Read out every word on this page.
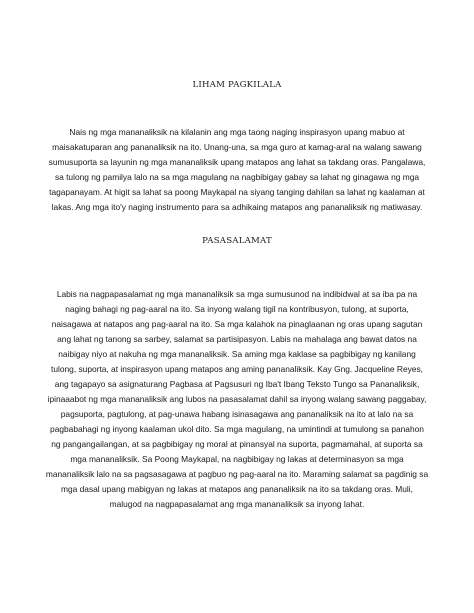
LIHAM PAGKILALA

Nais ng mga mananaliksik na kilalanin ang mga taong naging inspirasyon upang mabuo at
maisakatuparan ang pananaliksik na ito. Unang-una, sa mga guro at kamag-aral na walang sawang
sumusuporta sa layunin ng mga mananaliksik upang matapos ang lahat sa takdang oras. Pangalawa,
sa tulong ng pamilya lalo na sa mga magulang na nagbibigay gabay sa lahat ng ginagawa ng mga
tagapanayam. At higit sa lahat sa poong Maykapal na siyang tanging dahilan sa lahat ng kaalaman at
lakas. Ang mga ito'y naging instrumento para sa adhikaing matapos ang pananaliksik ng matiwasay.

PASASALAMAT

Labis na nagpapasalamat ng mga mananaliksik sa mga sumusunod na indibidwal at sa iba pa na
naging bahagi ng pag-aaral na ito. Sa inyong walang tigil na kontribusyon, tulong, at suporta,
naisagawa at natapos ang pag-aaral na ito. Sa mga kalahok na pinaglaanan ng oras upang sagutan
ang lahat ng tanong sa sarbey, salamat sa partisipasyon. Labis na mahalaga ang bawat datos na
naibigay niyo at nakuha ng mga mananaliksik. Sa aming mga kaklase sa pagbibigay ng kanilang
tulong, suporta, at inspirasyon upang matapos ang aming pananaliksik. Kay Gng. Jacqueline Reyes,
ang tagapayo sa asignaturang Pagbasa at Pagsusuri ng Iba't Ibang Teksto Tungo sa Pananaliksik,
ipinaaabot ng mga mananaliksik ang lubos na pasasalamat dahil sa inyong walang sawang paggabay,
pagsuporta, pagtulong, at pag-unawa habang isinasagawa ang pananaliksik na ito at lalo na sa
pagbabahagi ng inyong kaalaman ukol dito. Sa mga magulang, na umintindi at tumulong sa panahon
ng pangangailangan, at sa pagbibigay ng moral at pinansyal na suporta, pagmamahal, at suporta sa
mga mananaliksik. Sa Poong Maykapal, na nagbibigay ng lakas at determinasyon sa mga
mananaliksik lalo na sa pagsasagawa at pagbuo ng pag-aaral na ito. Maraming salamat sa pagdinig sa
mga dasal upang mabigyan ng lakas at matapos ang pananaliksik na ito sa takdang oras. Muli,
malugod na nagpapasalamat ang mga mananaliksik sa inyong lahat.
